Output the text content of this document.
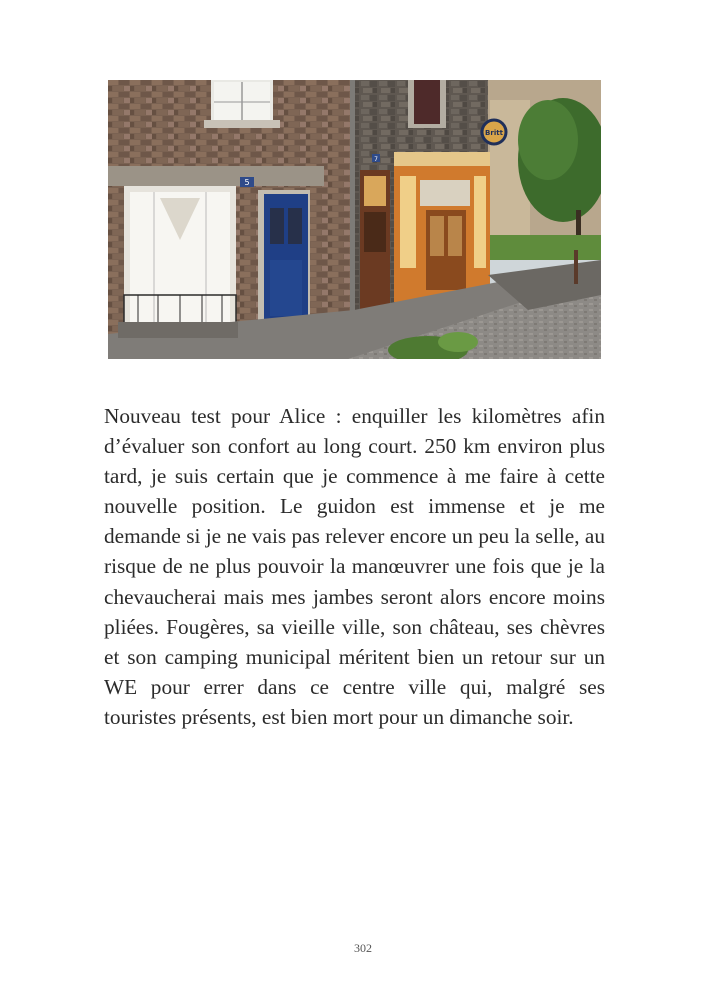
5
7
Britt

Nouveau test pour Alice : enquiller les kilomètres afin d’évaluer son confort au long court. 250 km environ plus tard, je suis certain que je commence à me faire à cette nouvelle position. Le guidon est immense et je me demande si je ne vais pas relever encore un peu la selle, au risque de ne plus pouvoir la manœuvrer une fois que je la chevaucherai mais mes jambes seront alors encore moins pliées. Fougères, sa vieille ville, son château, ses chèvres et son camping municipal méritent bien un retour sur un WE pour errer dans ce centre ville qui, malgré ses touristes présents, est bien mort pour un dimanche soir.

302
